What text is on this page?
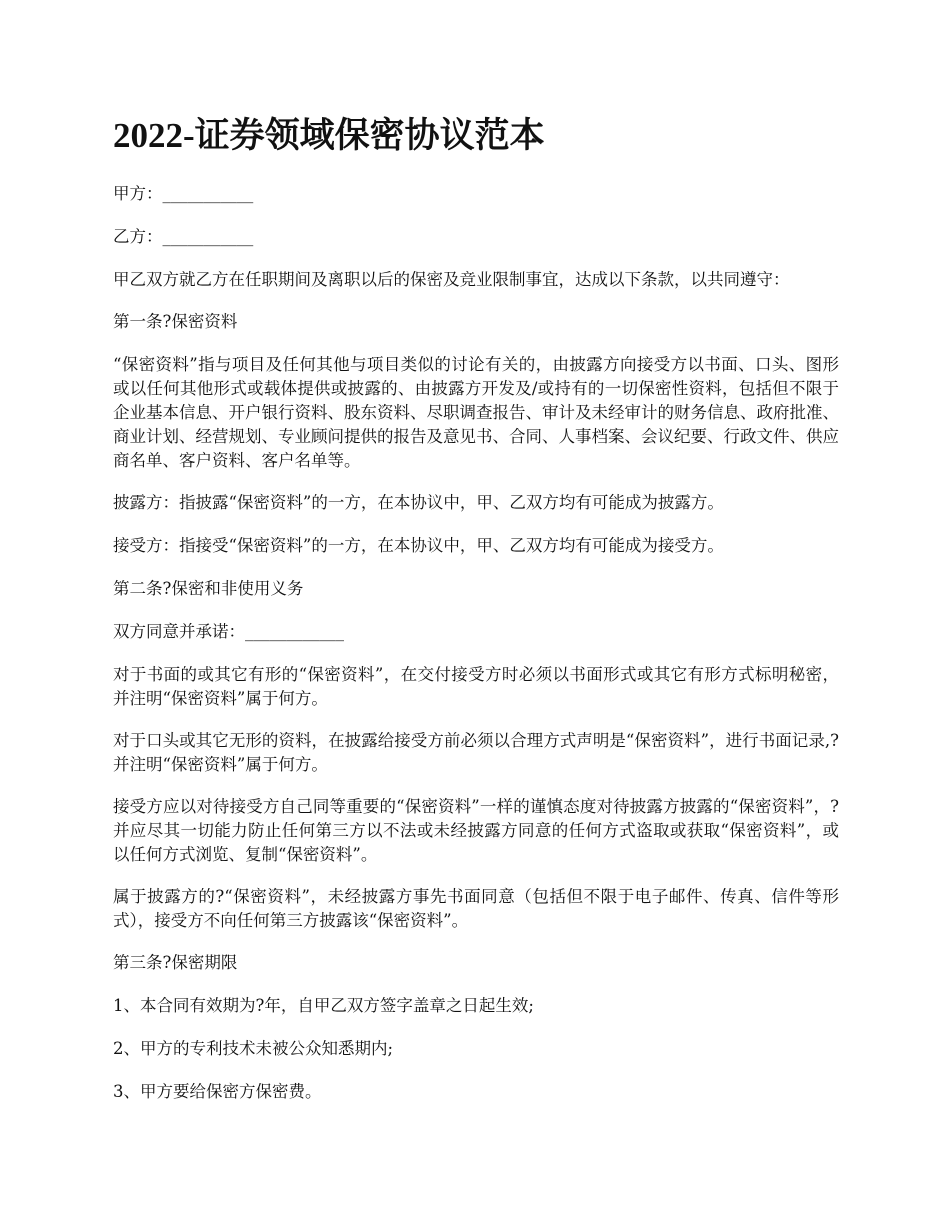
2022-证券领域保密协议范本

甲方：___________

乙方：___________

甲乙双方就乙方在任职期间及离职以后的保密及竞业限制事宜，达成以下条款，以共同遵守：

第一条?保密资料

“保密资料”指与项目及任何其他与项目类似的讨论有关的，由披露方向接受方以书面、口头、图形或以任何其他形式或载体提供或披露的、由披露方开发及/或持有的一切保密性资料，包括但不限于企业基本信息、开户银行资料、股东资料、尽职调查报告、审计及未经审计的财务信息、政府批准、商业计划、经营规划、专业顾问提供的报告及意见书、合同、人事档案、会议纪要、行政文件、供应商名单、客户资料、客户名单等。

披露方：指披露“保密资料”的一方，在本协议中，甲、乙双方均有可能成为披露方。

接受方：指接受“保密资料”的一方，在本协议中，甲、乙双方均有可能成为接受方。

第二条?保密和非使用义务

双方同意并承诺：____________

对于书面的或其它有形的“保密资料”，在交付接受方时必须以书面形式或其它有形方式标明秘密，并注明“保密资料”属于何方。

对于口头或其它无形的资料，在披露给接受方前必须以合理方式声明是“保密资料”，进行书面记录,?并注明“保密资料”属于何方。

接受方应以对待接受方自己同等重要的“保密资料”一样的谨慎态度对待披露方披露的“保密资料”，?并应尽其一切能力防止任何第三方以不法或未经披露方同意的任何方式盗取或获取“保密资料”，或以任何方式浏览、复制“保密资料”。

属于披露方的?“保密资料”，未经披露方事先书面同意（包括但不限于电子邮件、传真、信件等形式），接受方不向任何第三方披露该“保密资料”。

第三条?保密期限

1、本合同有效期为?年，自甲乙双方签字盖章之日起生效;

2、甲方的专利技术未被公众知悉期内;

3、甲方要给保密方保密费。
